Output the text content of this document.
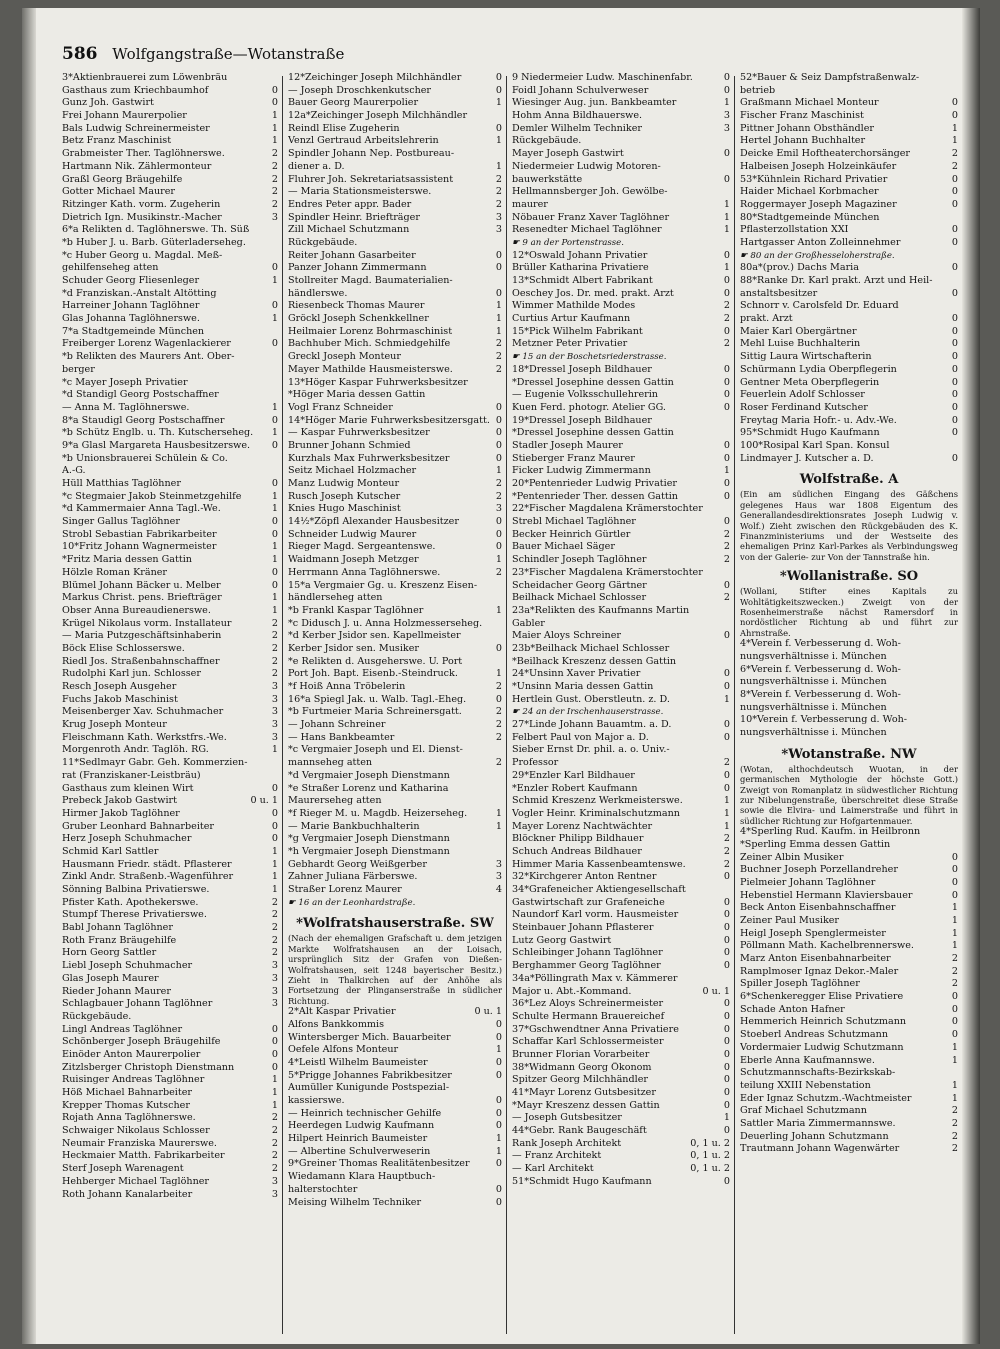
586 Wolfgangstraße—Wotanstraße
3*Aktienbrauerei zum Löwenbräu
Gasthaus zum Kriechbaumhof	0
Gunz Joh. Gastwirt	0
Frei Johann Maurerpolier	1
Bals Ludwig Schreinermeister	1
Betz Franz Maschinist	1
Grabmeister Ther. Taglöhnerswe.	2
Hartmann Nik. Zählermonteur	2
Graßl Georg Bräugehilfe	2
Gotter Michael Maurer	2
Ritzinger Kath. vorm. Zugeherin	2
Dietrich Ign. Musikinstr.-Macher	3
6*a Relikten d. Taglöhnerswe. Th. Süß
*b Huber J. u. Barb. Güterladerseheg.
*c Huber Georg u. Magdal. Meß-
gehilfenseheg atten	0
Schuder Georg Fliesenleger	1
*d Franziskan.-Anstalt Altötting
Harreiner Johann Taglöhner	0
Glas Johanna Taglöhnerswe.	1
7*a Stadtgemeinde München
Freiberger Lorenz Wagenlackierer	0
*b Relikten des Maurers Ant. Ober-
berger
*c Mayer Joseph Privatier
*d Standigl Georg Postschaffner
— Anna M. Taglöhnerswe.	1
8*a Staudigl Georg Postschaffner	0
*b Schütz Englb. u. Th. Kutscherseheg.	1
9*a Glasl Margareta Hausbesitzerswe.	0
*b Unionsbrauerei Schülein & Co.
A.-G.
Hüll Matthias Taglöhner	0
*c Stegmaier Jakob Steinmetzgehilfe	1
*d Kammermaier Anna Tagl.-We.	1
Singer Gallus Taglöhner	0
Strobl Sebastian Fabrikarbeiter	0
10*Fritz Johann Wagnermeister	1
*Fritz Maria dessen Gattin	1
Hölzle Roman Kräner	0
Blümel Johann Bäcker u. Melber	0
Markus Christ. pens. Briefträger	1
Obser Anna Bureaudienerswe.	1
Krügel Nikolaus vorm. Installateur	2
— Maria Putzgeschäftsinhaberin	2
Böck Elise Schlosserswe.	2
Riedl Jos. Straßenbahnschaffner	2
Rudolphi Karl jun. Schlosser	2
Resch Joseph Ausgeher	3
Fuchs Jakob Maschinist	3
Meisenberger Xav. Schuhmacher	3
Krug Joseph Monteur	3
Fleischmann Kath. Werkstfrs.-We.	3
Morgenroth Andr. Taglöh. RG.	1
11*Sedlmayr Gabr. Geh. Kommerzien-
rat (Franziskaner-Leistbräu)
Gasthaus zum kleinen Wirt	0
Prebeck Jakob Gastwirt	0 u. 1
Hirmer Jakob Taglöhner	0
Gruber Leonhard Bahnarbeiter	0
Herz Joseph Schuhmacher	0
Schmid Karl Sattler	1
Hausmann Friedr. städt. Pflasterer	1
Zinkl Andr. Straßenb.-Wagenführer	1
Sönning Balbina Privatierswe.	1
Pfister Kath. Apothekerswe.	2
Stumpf Therese Privatierswe.	2
Babl Johann Taglöhner	2
Roth Franz Bräugehilfe	2
Horn Georg Sattler	2
Liebl Joseph Schuhmacher	3
Glas Joseph Maurer	3
Rieder Johann Maurer	3
Schlagbauer Johann Taglöhner	3
Rückgebäude.
Lingl Andreas Taglöhner	0
Schönberger Joseph Bräugehilfe	0
Einöder Anton Maurerpolier	0
Zitzlsberger Christoph Dienstmann	0
Ruisinger Andreas Taglöhner	1
Höß Michael Bahnarbeiter	1
Krepper Thomas Kutscher	1
Rojath Anna Taglöhnerswe.	2
Schwaiger Nikolaus Schlosser	2
Neumair Franziska Maurerswe.	2
Heckmaier Matth. Fabrikarbeiter	2
Sterf Joseph Warenagent	2
Hehberger Michael Taglöhner	3
Roth Johann Kanalarbeiter	3
12*Zeichinger Joseph Milchhändler	0
— Joseph Droschkenkutscher	0
Bauer Georg Maurerpolier	1
12a*Zeichinger Joseph Milchhändler
Reindl Elise Zugeherin	0
Venzl Gertraud Arbeitslehrerin	1
Spindler Johann Nep. Postbureau-
diener a. D.	1
Fluhrer Joh. Sekretariatsassistent	2
— Maria Stationsmeisterswe.	2
Endres Peter appr. Bader	2
Spindler Heinr. Briefträger	3
Zill Michael Schutzmann	3
Rückgebäude.
Reiter Johann Gasarbeiter	0
Panzer Johann Zimmermann	0
Stollreiter Magd. Baumaterialien-
händlerswe.	0
Riesenbeck Thomas Maurer	1
Gröckl Joseph Schenkkellner	1
Heilmaier Lorenz Bohrmaschinist	1
Bachhuber Mich. Schmiedgehilfe	2
Greckl Joseph Monteur	2
Mayer Mathilde Hausmeisterswe.	2
13*Höger Kaspar Fuhrwerksbesitzer
*Höger Maria dessen Gattin
Vogl Franz Schneider	0
14*Höger Marie Fuhrwerksbesitzersgatt. 0
— Kaspar Fuhrwerksbesitzer	0
Brunner Johann Schmied	0
Kurzhals Max Fuhrwerksbesitzer	0
Seitz Michael Holzmacher	1
Manz Ludwig Monteur	2
Rusch Joseph Kutscher	2
Knies Hugo Maschinist	3
14½*Zöpfl Alexander Hausbesitzer	0
Schneider Ludwig Maurer	0
Rieger Magd. Sergeantenswe.	0
Waidmann Joseph Metzger	1
Herrmann Anna Taglöhnerswe.	2
15*a Vergmaier Gg. u. Kreszenz Eisen-
händlerseheg atten
*b Frankl Kaspar Taglöhner	1
*c Didusch J. u. Anna Holzmesserseheg.
*d Kerber Jsidor sen. Kapellmeister
Kerber Jsidor sen. Musiker	0
*e Relikten d. Ausgeherswe. U. Port
Port Joh. Bapt. Eisenb.-Steindruck.	1
*f Hoiß Anna Tröbelerin	2
16*a Spiegl Jak. u. Walb. Tagl.-Eheg.	0
*b Furtmeier Maria Schreinersgatt.	2
— Johann Schreiner	2
— Hans Bankbeamter	2
*c Vergmaier Joseph und El. Dienst-
mannseheg atten	2
*d Vergmaier Joseph Dienstmann
*e Straßer Lorenz und Katharina
Maurerseheg atten
*f Rieger M. u. Magdb. Heizerseheg.	1
— Marie Bankbuchhalterin	1
*g Vergmaier Joseph Dienstmann
*h Vergmaier Joseph Dienstmann
Gebhardt Georg Weißgerber	3
Zahner Juliana Färberswe.	3
Straßer Lorenz Maurer	4
☛ 16 an der Leonhardstraße.
*Wolfratshauserstraße. SW
(Nach der ehemaligen Grafschaft u. dem jetzigen Markte Wolfratshausen an der Loisach, ursprünglich Sitz der Grafen von Dießen-Wolfratshausen, seit 1248 bayerischer Besitz.) Zieht in Thalkirchen auf der Anhöhe als Fortsetzung der Plinganserstraße in südlicher Richtung.
2*Alt Kaspar Privatier	0 u. 1
Alfons Bankkommis	0
Wintersberger Mich. Bauarbeiter	0
Oefele Alfons Monteur	1
4*Leistl Wilhelm Baumeister	0
5*Prigge Johannes Fabrikbesitzer	0
Aumüller Kunigunde Postspezial-
kassierswe.	0
— Heinrich technischer Gehilfe	0
Heerdegen Ludwig Kaufmann	0
Hilpert Heinrich Baumeister	1
— Albertine Schulverweserin	1
9*Greiner Thomas Realitätenbesitzer	0
Wiedamann Klara Hauptbuch-
halterstochter	0
Meising Wilhelm Techniker	0
9 Niedermeier Ludw. Maschinenfabr.	0
Foidl Johann Schulverweser	0
Wiesinger Aug. jun. Bankbeamter	1
Hohm Anna Bildhauerswe.	3
Demler Wilhelm Techniker	3
Rückgebäude.
Mayer Joseph Gastwirt	0
Niedermeier Ludwig Motoren-
bauwerkstätte	0
Hellmannsberger Joh. Gewölbe-
maurer	1
Nöbauer Franz Xaver Taglöhner	1
Resenedter Michael Taglöhner	1
☛ 9 an der Portenstrasse.
12*Oswald Johann Privatier	0
Brüller Katharina Privatiere	1
13*Schmidt Albert Fabrikant	0
Oeschey Jos. Dr. med. prakt. Arzt	0
Wimmer Mathilde Modes	2
Curtius Artur Kaufmann	2
15*Pick Wilhelm Fabrikant	0
Metzner Peter Privatier	2
☛ 15 an der Boschetsriederstrasse.
18*Dressel Joseph Bildhauer	0
*Dressel Josephine dessen Gattin	0
— Eugenie Volksschullehrerin	0
Kuen Ferd. photogr. Atelier GG.	0
19*Dressel Joseph Bildhauer
*Dressel Josephine dessen Gattin
Stadler Joseph Maurer	0
Stieberger Franz Maurer	0
Ficker Ludwig Zimmermann	1
20*Pentenrieder Ludwig Privatier	0
*Pentenrieder Ther. dessen Gattin	0
22*Fischer Magdalena Krämerstochter
Strebl Michael Taglöhner	0
Becker Heinrich Gürtler	2
Bauer Michael Säger	2
Schindler Joseph Taglöhner	2
23*Fischer Magdalena Krämerstochter
Scheidacher Georg Gärtner	0
Beilhack Michael Schlosser	2
23a*Relikten des Kaufmanns Martin
Gabler
Maier Aloys Schreiner	0
23b*Beilhack Michael Schlosser
*Beilhack Kreszenz dessen Gattin
24*Unsinn Xaver Privatier	0
*Unsinn Maria dessen Gattin	0
Hertlein Gust. Oberstleutn. z. D.	1
☛ 24 an der Irschenhauserstrasse.
27*Linde Johann Bauamtm. a. D.	0
Felbert Paul von Major a. D.	0
Sieber Ernst Dr. phil. a. o. Univ.-
Professor	2
29*Enzler Karl Bildhauer	0
*Enzler Robert Kaufmann	0
Schmid Kreszenz Werkmeisterswe.	1
Vogler Heinr. Kriminalschutzmann	1
Mayer Lorenz Nachtwächter	1
Blöckner Philipp Bildhauer	2
Schuch Andreas Bildhauer	2
Himmer Maria Kassenbeamtenswe.	2
32*Kirchgerer Anton Rentner	0
34*Grafeneicher Aktiengesellschaft
Gastwirtschaft zur Grafeneiche	0
Naundorf Karl vorm. Hausmeister	0
Steinbauer Johann Pflasterer	0
Lutz Georg Gastwirt	0
Schleibinger Johann Taglöhner	0
Berghammer Georg Taglöhner	0
34a*Pöllingrath Max v. Kämmerer
Major u. Abt.-Kommand.	0 u. 1
36*Lez Aloys Schreinermeister	0
Schulte Hermann Brauereichef	0
37*Gschwendtner Anna Privatiere	0
Schaffar Karl Schlossermeister	0
Brunner Florian Vorarbeiter	0
38*Widmann Georg Ökonom	0
Spitzer Georg Milchhändler	0
41*Mayr Lorenz Gutsbesitzer	0
*Mayr Kreszenz dessen Gattin	0
— Joseph Gutsbesitzer	1
44*Gebr. Rank Baugeschäft	0
Rank Joseph Architekt	0, 1 u. 2
— Franz Architekt	0, 1 u. 2
— Karl Architekt	0, 1 u. 2
51*Schmidt Hugo Kaufmann	0
52*Bauer & Seiz Dampfstraßenwalz-
betrieb
Graßmann Michael Monteur	0
Fischer Franz Maschinist	0
Pittner Johann Obsthändler	1
Hertel Johann Buchhalter	1
Deicke Emil Hoftheaterchorsänger	2
Halbeisen Joseph Holzeinkäufer	2
53*Kühnlein Richard Privatier	0
Haider Michael Korbmacher	0
Roggermayer Joseph Magaziner	0
80*Stadtgemeinde München
Pflasterzollstation XXI	0
Hartgasser Anton Zolleinnehmer	0
☛ 80 an der Großhesseloherstraße.
80a*(prov.) Dachs Maria	0
88*Ranke Dr. Karl prakt. Arzt und Heil-
anstaltsbesitzer	0
Schnorr v. Carolsfeld Dr. Eduard
prakt. Arzt	0
Maier Karl Obergärtner	0
Mehl Luise Buchhalterin	0
Sittig Laura Wirtschafterin	0
Schürmann Lydia Oberpflegerin	0
Gentner Meta Oberpflegerin	0
Feuerlein Adolf Schlosser	0
Roser Ferdinand Kutscher	0
Freytag Maria Hofr.- u. Adv.-We.	0
95*Schmidt Hugo Kaufmann	0
100*Rosipal Karl Span. Konsul
Lindmayer J. Kutscher a. D.	0
Wolfstraße. A
(Ein am südlichen Eingang des Gäßchens gelegenes Haus war 1808 Eigentum des Generallandesdirektionsrates Joseph Ludwig v. Wolf.) Zieht zwischen den Rückgebäuden des K. Finanzministeriums und der Westseite des ehemaligen Prinz Karl-Parkes als Verbindungsweg von der Galerie- zur Von der Tannstraße hin.
*Wollanistraße. SO
(Wollani, Stifter eines Kapitals zu Wohltätigkeitszwecken.) Zweigt von der Rosenheimerstraße nächst Ramersdorf in nordöstlicher Richtung ab und führt zur Ahrnstraße.
4*Verein f. Verbesserung d. Woh-
nungsverhältnisse i. München
6*Verein f. Verbesserung d. Woh-
nungsverhältnisse i. München
8*Verein f. Verbesserung d. Woh-
nungsverhältnisse i. München
10*Verein f. Verbesserung d. Woh-
nungsverhältnisse i. München
*Wotanstraße. NW
(Wotan, althochdeutsch Wuotan, in der germanischen Mythologie der höchste Gott.) Zweigt von Romanplatz in südwestlicher Richtung zur Nibelungenstraße, überschreitet diese Straße sowie die Elvira- und Laimerstraße und führt in südlicher Richtung zur Hofgartenmauer.
4*Sperling Rud. Kaufm. in Heilbronn
*Sperling Emma dessen Gattin
Zeiner Albin Musiker	0
Buchner Joseph Porzellandreher	0
Pielmeier Johann Taglöhner	0
Hebenstiel Hermann Klaviersbauer	0
Beck Anton Eisenbahnschaffner	1
Zeiner Paul Musiker	1
Heigl Joseph Spenglermeister	1
Pöllmann Math. Kachelbrennerswe.	1
Marz Anton Eisenbahnarbeiter	2
Ramplmoser Ignaz Dekor.-Maler	2
Spiller Joseph Taglöhner	2
6*Schenkeregger Elise Privatiere	0
Schade Anton Hafner	0
Hemmerich Heinrich Schutzmann	0
Stoeberl Andreas Schutzmann	0
Vordermaier Ludwig Schutzmann	1
Eberle Anna Kaufmannswe.	1
Schutzmannschafts-Bezirkskab-
teilung XXIII Nebenstation	1
Eder Ignaz Schutzm.-Wachtmeister	1
Graf Michael Schutzmann	2
Sattler Maria Zimmermannswe.	2
Deuerling Johann Schutzmann	2
Trautmann Johann Wagenwärter	2
